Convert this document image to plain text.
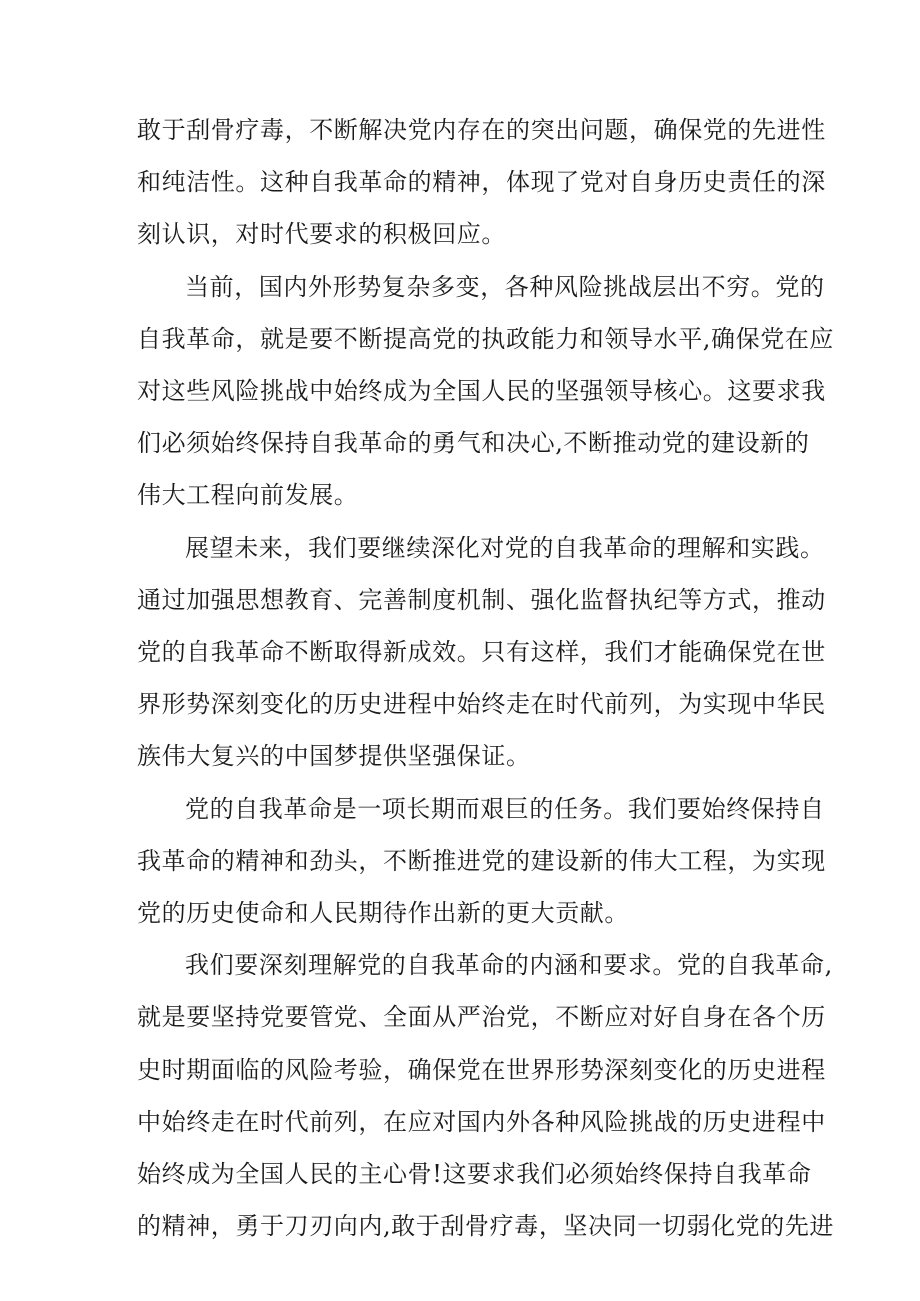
敢于刮骨疗毒，不断解决党内存在的突出问题，确保党的先进性
和纯洁性。这种自我革命的精神，体现了党对自身历史责任的深
刻认识，对时代要求的积极回应。

当前，国内外形势复杂多变，各种风险挑战层出不穷。党的
自我革命，就是要不断提高党的执政能力和领导水平,确保党在应
对这些风险挑战中始终成为全国人民的坚强领导核心。这要求我
们必须始终保持自我革命的勇气和决心,不断推动党的建设新的
伟大工程向前发展。

展望未来，我们要继续深化对党的自我革命的理解和实践。
通过加强思想教育、完善制度机制、强化监督执纪等方式，推动
党的自我革命不断取得新成效。只有这样，我们才能确保党在世
界形势深刻变化的历史进程中始终走在时代前列，为实现中华民
族伟大复兴的中国梦提供坚强保证。

党的自我革命是一项长期而艰巨的任务。我们要始终保持自
我革命的精神和劲头，不断推进党的建设新的伟大工程，为实现
党的历史使命和人民期待作出新的更大贡献。

我们要深刻理解党的自我革命的内涵和要求。党的自我革命,
就是要坚持党要管党、全面从严治党，不断应对好自身在各个历
史时期面临的风险考验，确保党在世界形势深刻变化的历史进程
中始终走在时代前列，在应对国内外各种风险挑战的历史进程中
始终成为全国人民的主心骨!这要求我们必须始终保持自我革命
的精神，勇于刀刃向内,敢于刮骨疗毒，坚决同一切弱化党的先进
